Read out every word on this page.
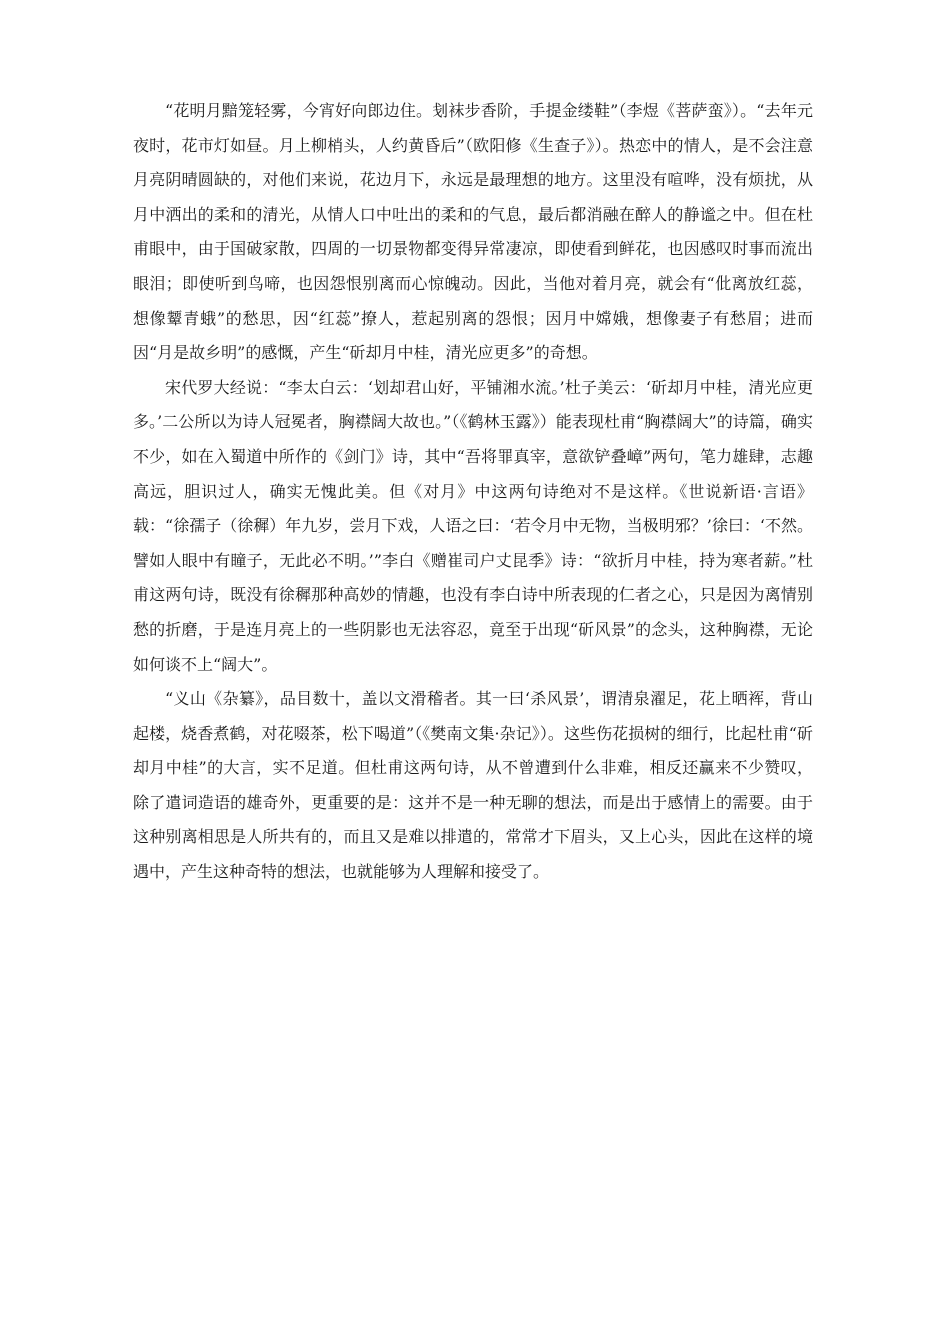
“花明月黯笼轻雾，今宵好向郎边住。刬袜步香阶，手提金缕鞋”（李煜《菩萨蛮》）。“去年元夜时，花市灯如昼。月上柳梢头，人约黄昏后”（欧阳修《生查子》）。热恋中的情人，是不会注意月亮阴晴圆缺的，对他们来说，花边月下，永远是最理想的地方。这里没有喧哗，没有烦扰，从月中洒出的柔和的清光，从情人口中吐出的柔和的气息，最后都消融在醉人的静谧之中。但在杜甫眼中，由于国破家散，四周的一切景物都变得异常凄凉，即使看到鲜花，也因感叹时事而流出眼泪；即使听到鸟啼，也因怨恨别离而心惊魄动。因此，当他对着月亮，就会有“仳离放红蕊，想像颦青蛾”的愁思，因“红蕊”撩人，惹起别离的怨恨；因月中嫦娥，想像妻子有愁眉；进而因“月是故乡明”的感慨，产生“斫却月中桂，清光应更多”的奇想。

宋代罗大经说：“李太白云：‘划却君山好，平铺湘水流。’杜子美云：‘斫却月中桂，清光应更多。’二公所以为诗人冠冕者，胸襟阔大故也。”（《鹤林玉露》）能表现杜甫“胸襟阔大”的诗篇，确实不少，如在入蜀道中所作的《剑门》诗，其中“吾将罪真宰，意欲铲叠嶂”两句，笔力雄肆，志趣高远，胆识过人，确实无愧此美。但《对月》中这两句诗绝对不是这样。《世说新语·言语》载：“徐孺子（徐穉）年九岁，尝月下戏，人语之曰：‘若令月中无物，当极明邪？’徐曰：‘不然。譬如人眼中有瞳子，无此必不明。’”李白《赠崔司户丈昆季》诗：“欲折月中桂，持为寒者薪。”杜甫这两句诗，既没有徐穉那种高妙的情趣，也没有李白诗中所表现的仁者之心，只是因为离情别愁的折磨，于是连月亮上的一些阴影也无法容忍，竟至于出现“斫风景”的念头，这种胸襟，无论如何谈不上“阔大”。

“义山《杂纂》，品目数十，盖以文滑稽者。其一曰‘杀风景’，谓清泉濯足，花上晒裈，背山起楼，烧香煮鹤，对花啜茶，松下喝道”（《樊南文集·杂记》）。这些伤花损树的细行，比起杜甫“斫却月中桂”的大言，实不足道。但杜甫这两句诗，从不曾遭到什么非难，相反还赢来不少赞叹，除了遣词造语的雄奇外，更重要的是：这并不是一种无聊的想法，而是出于感情上的需要。由于这种别离相思是人所共有的，而且又是难以排遣的，常常才下眉头，又上心头，因此在这样的境遇中，产生这种奇特的想法，也就能够为人理解和接受了。
